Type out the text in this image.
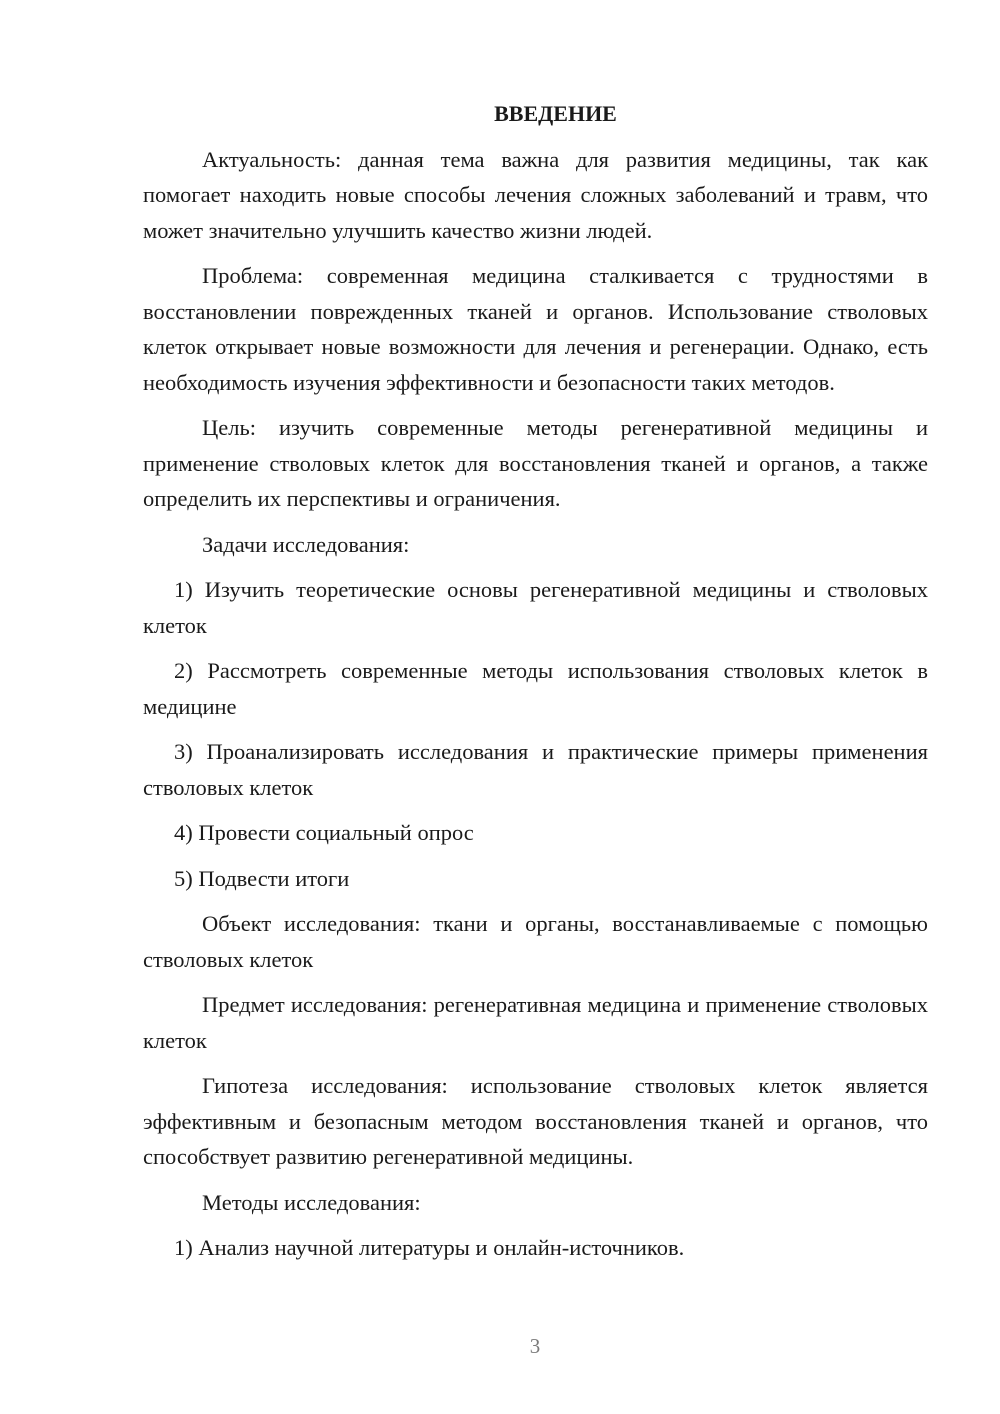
ВВЕДЕНИЕ

Актуальность: данная тема важна для развития медицины, так как помогает находить новые способы лечения сложных заболеваний и травм, что может значительно улучшить качество жизни людей.

Проблема: современная медицина сталкивается с трудностями в восстановлении поврежденных тканей и органов. Использование стволовых клеток открывает новые возможности для лечения и регенерации. Однако, есть необходимость изучения эффективности и безопасности таких методов.

Цель: изучить современные методы регенеративной медицины и применение стволовых клеток для восстановления тканей и органов, а также определить их перспективы и ограничения.

Задачи исследования:

1) Изучить теоретические основы регенеративной медицины и стволовых клеток

2) Рассмотреть современные методы использования стволовых клеток в медицине

3) Проанализировать исследования и практические примеры применения стволовых клеток

4) Провести социальный опрос

5) Подвести итоги

Объект исследования: ткани и органы, восстанавливаемые с помощью стволовых клеток

Предмет исследования: регенеративная медицина и применение стволовых клеток

Гипотеза исследования: использование стволовых клеток является эффективным и безопасным методом восстановления тканей и органов, что способствует развитию регенеративной медицины.

Методы исследования:

1) Анализ научной литературы и онлайн-источников.

3
